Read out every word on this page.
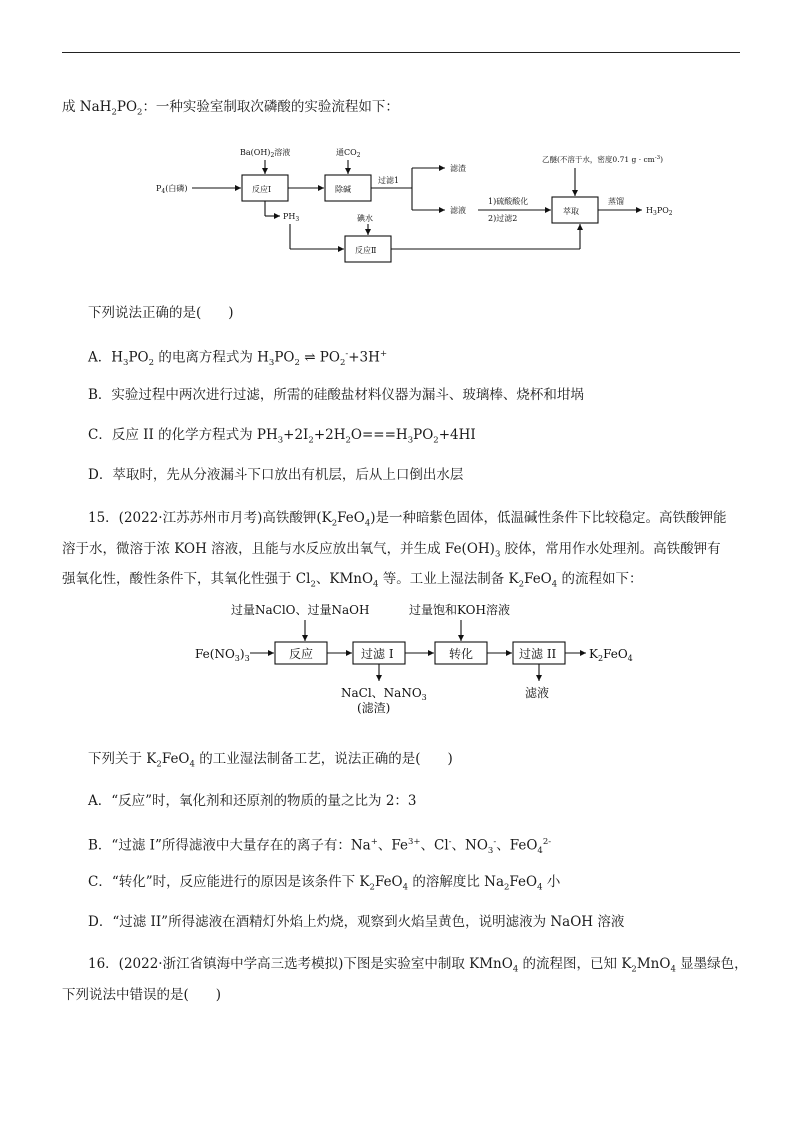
成 $NaH_2PO_2$：一种实验室制取次磷酸的实验流程如下：
$P_4$(白磷)
$Ba(OH)_2$溶液	通$CO_2$
反应Ⅰ	除碱
过滤1
滤渣
滤液
1)硫酸酸化
2)过滤2
乙醚(不溶于水，密度0.71 $g \cdot cm^{-3}$)
萃取
蒸馏
$H_3PO_2$
$PH_3$	碘水
反应Ⅱ
下列说法正确的是(　　)
A．$H_3PO_2$ 的电离方程式为 $H_3PO_2$ ⇌ $PO_2^-+3H^+$
B．实验过程中两次进行过滤，所需的硅酸盐材料仪器为漏斗、玻璃棒、烧杯和坩埚
C．反应 II 的化学方程式为 $PH_3+2I_2+2H_2O===H_3PO_2+4HI$
D．萃取时，先从分液漏斗下口放出有机层，后从上口倒出水层
15．(2022·江苏苏州市月考)高铁酸钾$(K_2FeO_4)$是一种暗紫色固体，低温碱性条件下比较稳定。高铁酸钾能
溶于水，微溶于浓 KOH 溶液，且能与水反应放出氧气，并生成 $Fe(OH)_3$ 胶体，常用作水处理剂。高铁酸钾有
强氧化性，酸性条件下，其氧化性强于 $Cl_2$、KMnO$_4$ 等。工业上湿法制备 $K_2FeO_4$ 的流程如下：
过量NaClO、过量NaOH	过量饱和KOH溶液
$Fe(NO_3)_3$	反应	过滤 I	转化	过滤 II	$K_2FeO_4$
NaCl、NaNO$_3$
(滤渣)
滤液
下列关于 $K_2FeO_4$ 的工业湿法制备工艺，说法正确的是(　　)
A．“反应”时，氧化剂和还原剂的物质的量之比为 2：3
B．“过滤 I”所得滤液中大量存在的离子有：Na+、$Fe^{3+}$、Cl-、$NO_3^-$、FeO$_4^{2-}$
C．“转化”时，反应能进行的原因是该条件下 $K_2FeO_4$ 的溶解度比 $Na_2FeO_4$ 小
D．“过滤 II”所得滤液在酒精灯外焰上灼烧，观察到火焰呈黄色，说明滤液为 NaOH 溶液
16．(2022·浙江省镇海中学高三选考模拟)下图是实验室中制取 KMnO$_4$ 的流程图，已知 $K_2MnO_4$ 显墨绿色，
下列说法中错误的是(　　)
